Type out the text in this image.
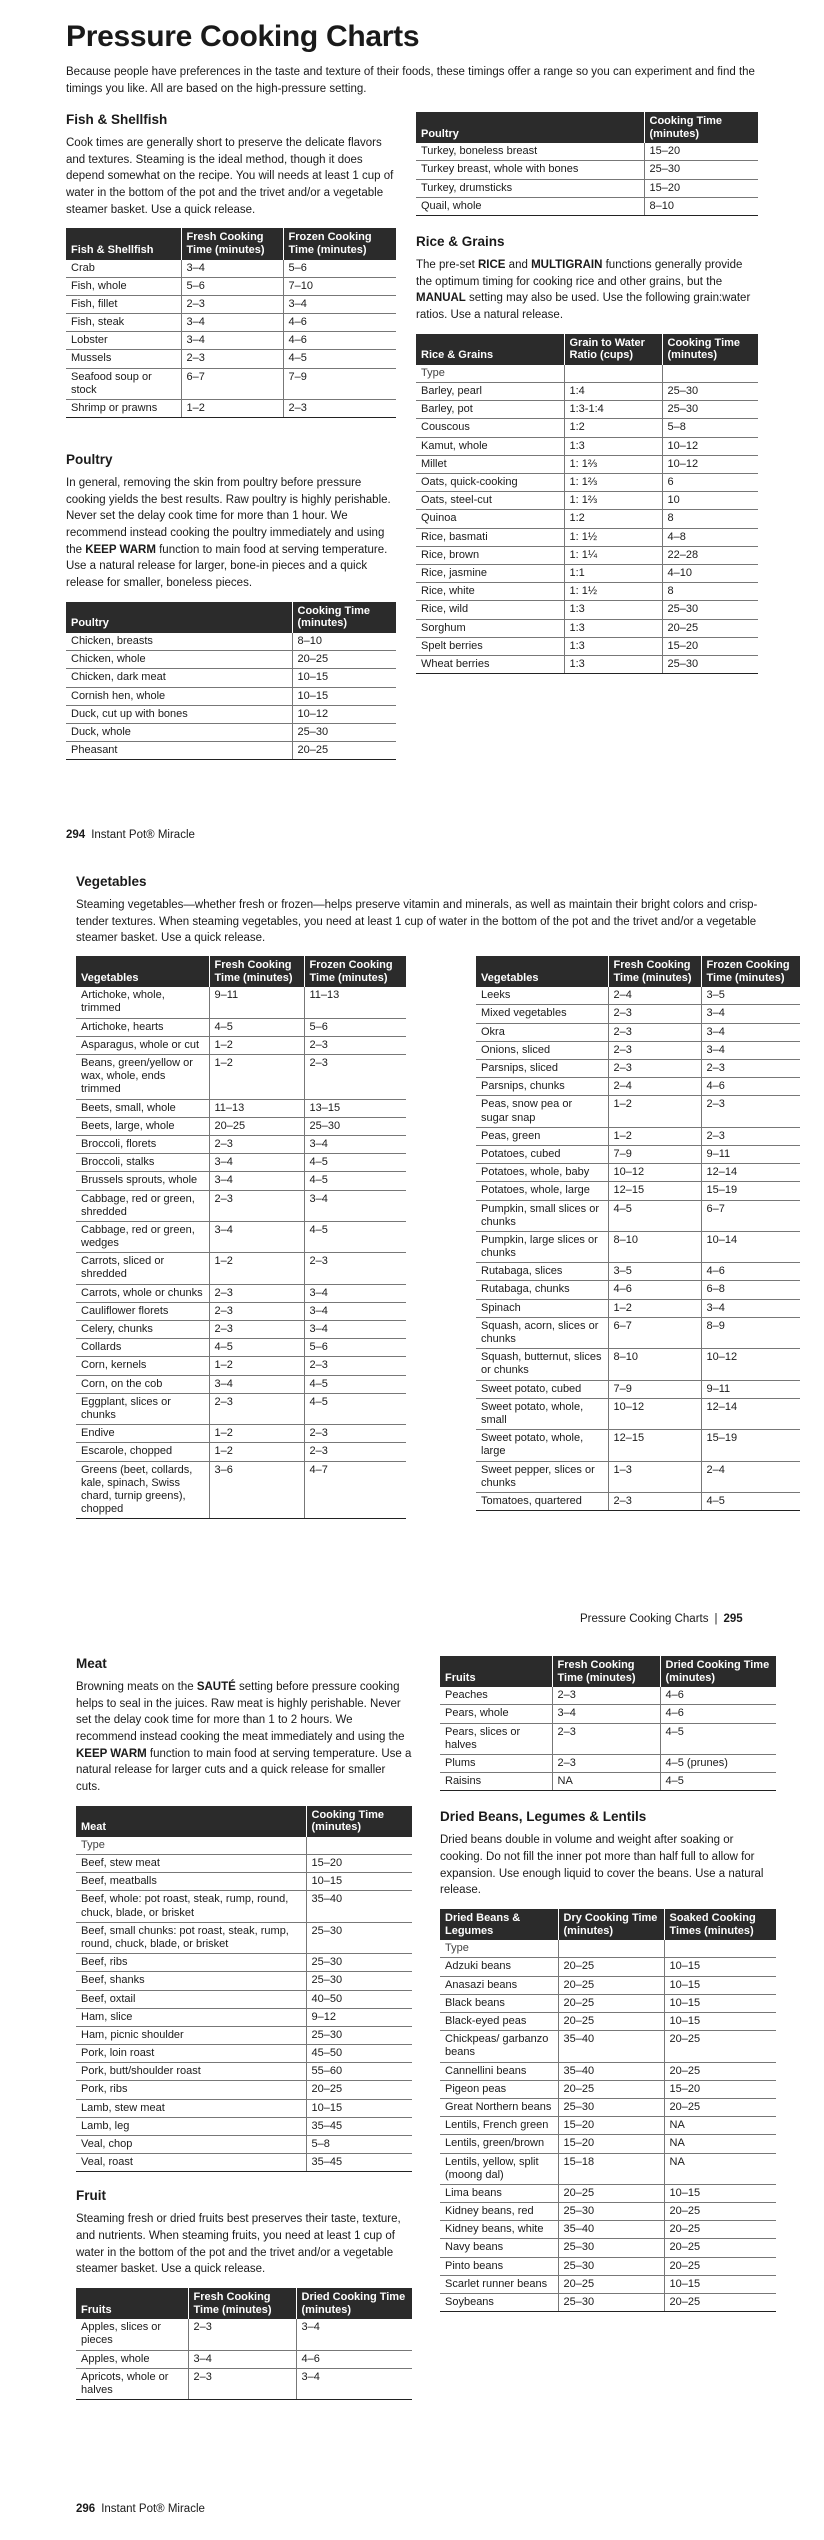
Pressure Cooking Charts

Because people have preferences in the taste and texture of their foods, these timings offer a range so you can experiment and find the timings you like. All are based on the high-pressure setting.

Fish & Shellfish

Cook times are generally short to preserve the delicate flavors and textures. Steaming is the ideal method, though it does depend somewhat on the recipe. You will needs at least 1 cup of water in the bottom of the pot and the trivet and/or a vegetable steamer basket. Use a quick release.

Fish & Shellfish	Fresh Cooking Time (minutes)	Frozen Cooking Time (minutes)
Crab	3–4	5–6
Fish, whole	5–6	7–10
Fish, fillet	2–3	3–4
Fish, steak	3–4	4–6
Lobster	3–4	4–6
Mussels	2–3	4–5
Seafood soup or stock	6–7	7–9
Shrimp or prawns	1–2	2–3
Poultry

In general, removing the skin from poultry before pressure cooking yields the best results. Raw poultry is highly perishable. Never set the delay cook time for more than 1 hour. We recommend instead cooking the poultry immediately and using the KEEP WARM function to main food at serving temperature. Use a natural release for larger, bone-in pieces and a quick release for smaller, boneless pieces.

Poultry	Cooking Time (minutes)
Chicken, breasts	8–10
Chicken, whole	20–25
Chicken, dark meat	10–15
Cornish hen, whole	10–15
Duck, cut up with bones	10–12
Duck, whole	25–30
Pheasant	20–25
Poultry	Cooking Time (minutes)
Turkey, boneless breast	15–20
Turkey breast, whole with bones	25–30
Turkey, drumsticks	15–20
Quail, whole	8–10
Rice & Grains

The pre-set RICE and MULTIGRAIN functions generally provide the optimum timing for cooking rice and other grains, but the MANUAL setting may also be used. Use the following grain:water ratios. Use a natural release.

Rice & Grains	Grain to Water Ratio (cups)	Cooking Time (minutes)
Type		
Barley, pearl	1:4	25–30
Barley, pot	1:3-1:4	25–30
Couscous	1:2	5–8
Kamut, whole	1:3	10–12
Millet	1: 1⅔	10–12
Oats, quick-cooking	1: 1⅔	6
Oats, steel-cut	1: 1⅔	10
Quinoa	1:2	8
Rice, basmati	1: 1½	4–8
Rice, brown	1: 1¼	22–28
Rice, jasmine	1:1	4–10
Rice, white	1: 1½	8
Rice, wild	1:3	25–30
Sorghum	1:3	20–25
Spelt berries	1:3	15–20
Wheat berries	1:3	25–30
294 Instant Pot® Miracle
Vegetables

Steaming vegetables—whether fresh or frozen—helps preserve vitamin and minerals, as well as maintain their bright colors and crisp-tender textures. When steaming vegetables, you need at least 1 cup of water in the bottom of the pot and the trivet and/or a vegetable steamer basket. Use a quick release.

Vegetables	Fresh Cooking Time (minutes)	Frozen Cooking Time (minutes)
Artichoke, whole, trimmed	9–11	11–13
Artichoke, hearts	4–5	5–6
Asparagus, whole or cut	1–2	2–3
Beans, green/yellow or wax, whole, ends trimmed	1–2	2–3
Beets, small, whole	11–13	13–15
Beets, large, whole	20–25	25–30
Broccoli, florets	2–3	3–4
Broccoli, stalks	3–4	4–5
Brussels sprouts, whole	3–4	4–5
Cabbage, red or green, shredded	2–3	3–4
Cabbage, red or green, wedges	3–4	4–5
Carrots, sliced or shredded	1–2	2–3
Carrots, whole or chunks	2–3	3–4
Cauliflower florets	2–3	3–4
Celery, chunks	2–3	3–4
Collards	4–5	5–6
Corn, kernels	1–2	2–3
Corn, on the cob	3–4	4–5
Eggplant, slices or chunks	2–3	4–5
Endive	1–2	2–3
Escarole, chopped	1–2	2–3
Greens (beet, collards, kale, spinach, Swiss chard, turnip greens), chopped	3–6	4–7
Vegetables	Fresh Cooking Time (minutes)	Frozen Cooking Time (minutes)
Leeks	2–4	3–5
Mixed vegetables	2–3	3–4
Okra	2–3	3–4
Onions, sliced	2–3	3–4
Parsnips, sliced	2–3	2–3
Parsnips, chunks	2–4	4–6
Peas, snow pea or sugar snap	1–2	2–3
Peas, green	1–2	2–3
Potatoes, cubed	7–9	9–11
Potatoes, whole, baby	10–12	12–14
Potatoes, whole, large	12–15	15–19
Pumpkin, small slices or chunks	4–5	6–7
Pumpkin, large slices or chunks	8–10	10–14
Rutabaga, slices	3–5	4–6
Rutabaga, chunks	4–6	6–8
Spinach	1–2	3–4
Squash, acorn, slices or chunks	6–7	8–9
Squash, butternut, slices or chunks	8–10	10–12
Sweet potato, cubed	7–9	9–11
Sweet potato, whole, small	10–12	12–14
Sweet potato, whole, large	12–15	15–19
Sweet pepper, slices or chunks	1–3	2–4
Tomatoes, quartered	2–3	4–5
Pressure Cooking Charts | 295
Meat

Browning meats on the SAUTÉ setting before pressure cooking helps to seal in the juices. Raw meat is highly perishable. Never set the delay cook time for more than 1 to 2 hours. We recommend instead cooking the meat immediately and using the KEEP WARM function to main food at serving temperature. Use a natural release for larger cuts and a quick release for smaller cuts.

Meat	Cooking Time (minutes)
Type	
Beef, stew meat	15–20
Beef, meatballs	10–15
Beef, whole: pot roast, steak, rump, round, chuck, blade, or brisket	35–40
Beef, small chunks: pot roast, steak, rump, round, chuck, blade, or brisket	25–30
Beef, ribs	25–30
Beef, shanks	25–30
Beef, oxtail	40–50
Ham, slice	9–12
Ham, picnic shoulder	25–30
Pork, loin roast	45–50
Pork, butt/shoulder roast	55–60
Pork, ribs	20–25
Lamb, stew meat	10–15
Lamb, leg	35–45
Veal, chop	5–8
Veal, roast	35–45
Fruit

Steaming fresh or dried fruits best preserves their taste, texture, and nutrients. When steaming fruits, you need at least 1 cup of water in the bottom of the pot and the trivet and/or a vegetable steamer basket. Use a quick release.

Fruits	Fresh Cooking Time (minutes)	Dried Cooking Time (minutes)
Apples, slices or pieces	2–3	3–4
Apples, whole	3–4	4–6
Apricots, whole or halves	2–3	3–4
Fruits	Fresh Cooking Time (minutes)	Dried Cooking Time (minutes)
Peaches	2–3	4–6
Pears, whole	3–4	4–6
Pears, slices or halves	2–3	4–5
Plums	2–3	4–5 (prunes)
Raisins	NA	4–5
Dried Beans, Legumes & Lentils

Dried beans double in volume and weight after soaking or cooking. Do not fill the inner pot more than half full to allow for expansion. Use enough liquid to cover the beans. Use a natural release.

Dried Beans & Legumes	Dry Cooking Time (minutes)	Soaked Cooking Times (minutes)
Type		
Adzuki beans	20–25	10–15
Anasazi beans	20–25	10–15
Black beans	20–25	10–15
Black-eyed peas	20–25	10–15
Chickpeas/ garbanzo beans	35–40	20–25
Cannellini beans	35–40	20–25
Pigeon peas	20–25	15–20
Great Northern beans	25–30	20–25
Lentils, French green	15–20	NA
Lentils, green/brown	15–20	NA
Lentils, yellow, split (moong dal)	15–18	NA
Lima beans	20–25	10–15
Kidney beans, red	25–30	20–25
Kidney beans, white	35–40	20–25
Navy beans	25–30	20–25
Pinto beans	25–30	20–25
Scarlet runner beans	20–25	10–15
Soybeans	25–30	20–25
296 Instant Pot® Miracle
